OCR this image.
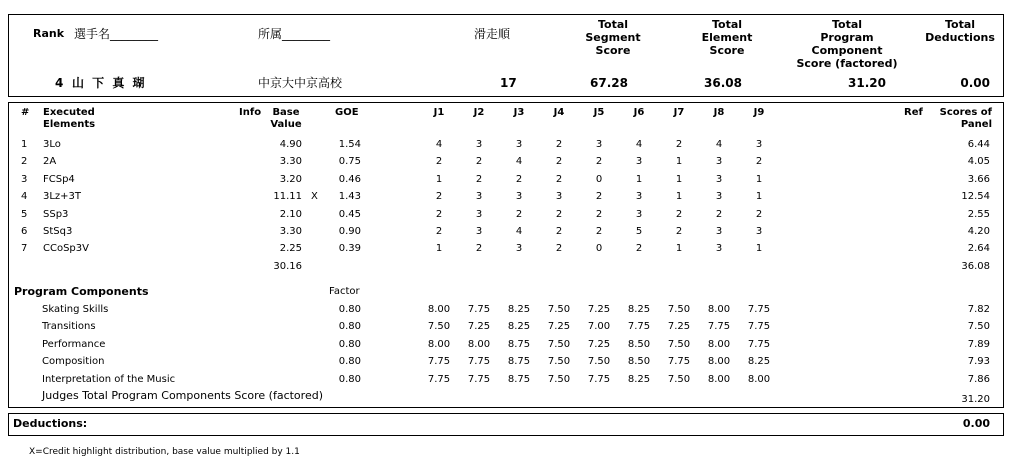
Rank 選手名________	所属________	滑走順
Total
Segment
Score
Total
Element
Score
Total
Program
Component
Score (factored)
Total
Deductions
4 山 下 真 瑚	中京大中京高校	17	67.28	36.08	31.20	0.00
# Executed
Elements
Info	Base
Value
GOE	Ref	Scores of
Panel
J1	J2	J3	J4	J5	J6	J7	J8	J9
1 3Lo	4.90	1.54	4	3	3	2	3	4	2	4	3	6.44
2 2A	3.30	0.75	2	2	4	2	2	3	1	3	2	4.05
3 FCSp4	3.20	0.46	1	2	2	2	0	1	1	3	1	3.66
4 3Lz+3T	11.11 X	1.43	2	3	3	3	2	3	1	3	1	12.54
5 SSp3	2.10	0.45	2	3	2	2	2	3	2	2	2	2.55
6 StSq3	3.30	0.90	2	3	4	2	2	5	2	3	3	4.20
7 CCoSp3V	2.25	0.39	1	2	3	2	0	2	1	3	1	2.64
30.16	36.08
Program Components	Factor
Skating Skills	0.80	8.00	7.75	8.25	7.50	7.25	8.25	7.50	8.00	7.75	7.82
Transitions	0.80	7.50	7.25	8.25	7.25	7.00	7.75	7.25	7.75	7.75	7.50
Performance	0.80	8.00	8.00	8.75	7.50	7.25	8.50	7.50	8.00	7.75	7.89
Composition	0.80	7.75	7.75	8.75	7.50	7.50	8.50	7.75	8.00	8.25	7.93
Interpretation of the Music	0.80	7.75	7.75	8.75	7.50	7.75	8.25	7.50	8.00	8.00	7.86
Judges Total Program Components Score (factored)	31.20
Deductions:	0.00
X=Credit highlight distribution, base value multiplied by 1.1
